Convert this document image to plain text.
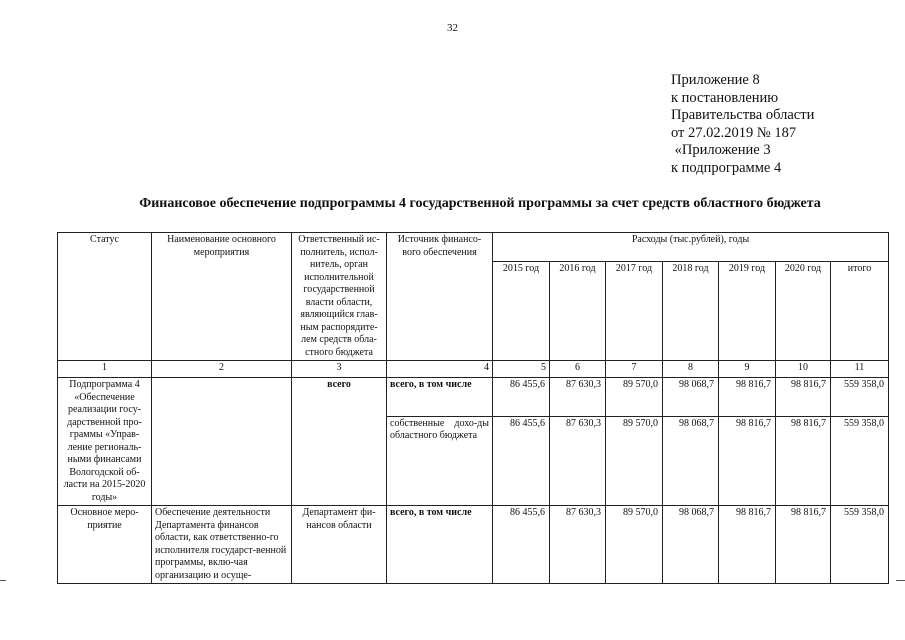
32
Приложение 8
к постановлению
Правительства области
от 27.02.2019 № 187
«Приложение 3
к подпрограмме 4
Финансовое обеспечение подпрограммы 4 государственной программы за счет средств областного бюджета
Статус	Наименование основного мероприятия	Ответственный ис-полнитель, испол-нитель, орган исполнительной государственной власти области, являющийся глав-ным распорядите-лем средств обла-стного бюджета	Источник финансо-вого обеспечения	Расходы (тыс.рублей), годы						
				2015 год	2016 год	2017 год	2018 год	2019 год	2020 год	итого
1	2	3	4	5	6	7	8	9	10	11
Подпрограмма 4 «Обеспечение реализации госу-дарственной про-граммы «Управ-ление региональ-ными финансами Вологодской об-ласти на 2015-2020 годы»		всего	всего, в том числе	86 455,6	87 630,3	89 570,0	98 068,7	98 816,7	98 816,7	559 358,0
			собственные дохо-ды областного бюджета	86 455,6	87 630,3	89 570,0	98 068,7	98 816,7	98 816,7	559 358,0
Основное меро-приятие	Обеспечение деятельности Департамента финансов области, как ответственно-го исполнителя государст-венной программы, вклю-чая организацию и осуще-	Департамент фи-нансов области	всего, в том числе	86 455,6	87 630,3	89 570,0	98 068,7	98 816,7	98 816,7	559 358,0
